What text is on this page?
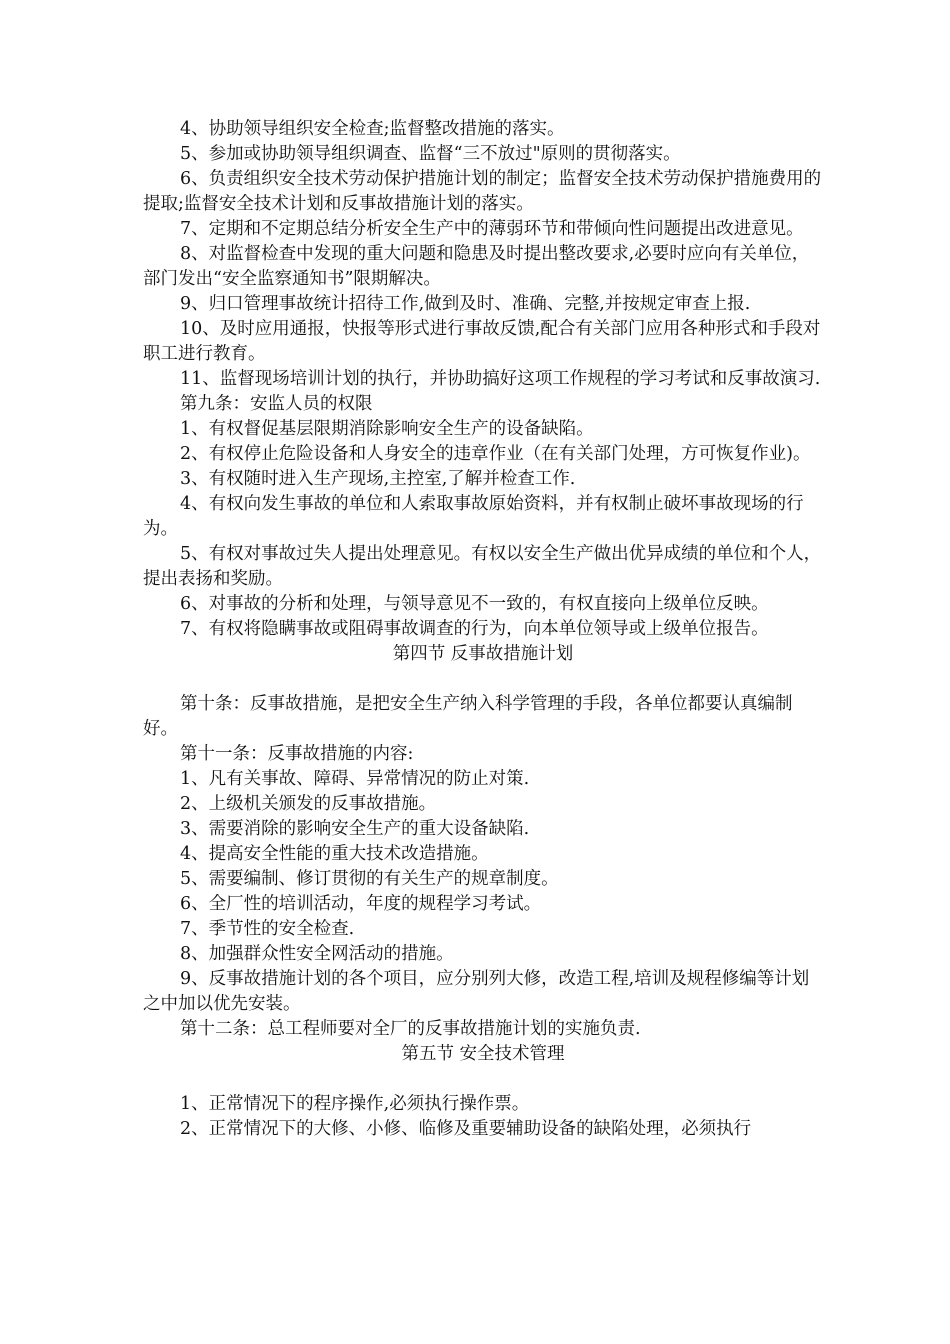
4、协助领导组织安全检查;监督整改措施的落实。

5、参加或协助领导组织调查、监督“三不放过"原则的贯彻落实。

6、负责组织安全技术劳动保护措施计划的制定；监督安全技术劳动保护措施费用的提取;监督安全技术计划和反事故措施计划的落实。

7、定期和不定期总结分析安全生产中的薄弱环节和带倾向性问题提出改进意见。

8、对监督检查中发现的重大问题和隐患及时提出整改要求,必要时应向有关单位，部门发出“安全监察通知书”限期解决。

9、归口管理事故统计招待工作,做到及时、准确、完整,并按规定审查上报.

10、及时应用通报，快报等形式进行事故反馈,配合有关部门应用各种形式和手段对职工进行教育。

11、监督现场培训计划的执行，并协助搞好这项工作规程的学习考试和反事故演习.

第九条：安监人员的权限

1、有权督促基层限期消除影响安全生产的设备缺陷。

2、有权停止危险设备和人身安全的违章作业（在有关部门处理，方可恢复作业)。

3、有权随时进入生产现场,主控室,了解并检查工作.

4、有权向发生事故的单位和人索取事故原始资料，并有权制止破坏事故现场的行为。

5、有权对事故过失人提出处理意见。有权以安全生产做出优异成绩的单位和个人，提出表扬和奖励。

6、对事故的分析和处理，与领导意见不一致的，有权直接向上级单位反映。

7、有权将隐瞒事故或阻碍事故调查的行为，向本单位领导或上级单位报告。

第四节 反事故措施计划

第十条：反事故措施，是把安全生产纳入科学管理的手段，各单位都要认真编制好。

第十一条：反事故措施的内容:

1、凡有关事故、障碍、异常情况的防止对策.

2、上级机关颁发的反事故措施。

3、需要消除的影响安全生产的重大设备缺陷.

4、提高安全性能的重大技术改造措施。

5、需要编制、修订贯彻的有关生产的规章制度。

6、全厂性的培训活动，年度的规程学习考试。

7、季节性的安全检查.

8、加强群众性安全网活动的措施。

9、反事故措施计划的各个项目，应分别列大修，改造工程,培训及规程修编等计划之中加以优先安装。

第十二条：总工程师要对全厂的反事故措施计划的实施负责.

第五节 安全技术管理

1、正常情况下的程序操作,必须执行操作票。

2、正常情况下的大修、小修、临修及重要辅助设备的缺陷处理，必须执行
